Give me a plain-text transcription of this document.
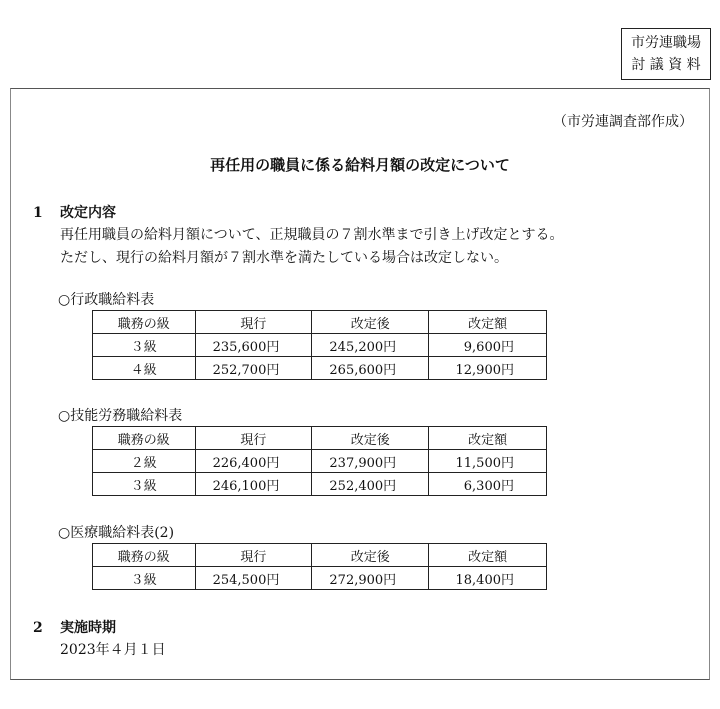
市労連職場
討 議 資 料
（市労連調査部作成）
再任用の職員に係る給料月額の改定について
1 改定内容
再任用職員の給料月額について、正規職員の７割水準まで引き上げ改定とする。
ただし、現行の給料月額が７割水準を満たしている場合は改定しない。
○行政職給料表
職務の級	現行	改定後	改定額
３級	235,600円	245,200円	9,600円
４級	252,700円	265,600円	12,900円
○技能労務職給料表
職務の級	現行	改定後	改定額
２級	226,400円	237,900円	11,500円
３級	246,100円	252,400円	6,300円
○医療職給料表(2)
職務の級	現行	改定後	改定額
３級	254,500円	272,900円	18,400円
2 実施時期
2023年４月１日
